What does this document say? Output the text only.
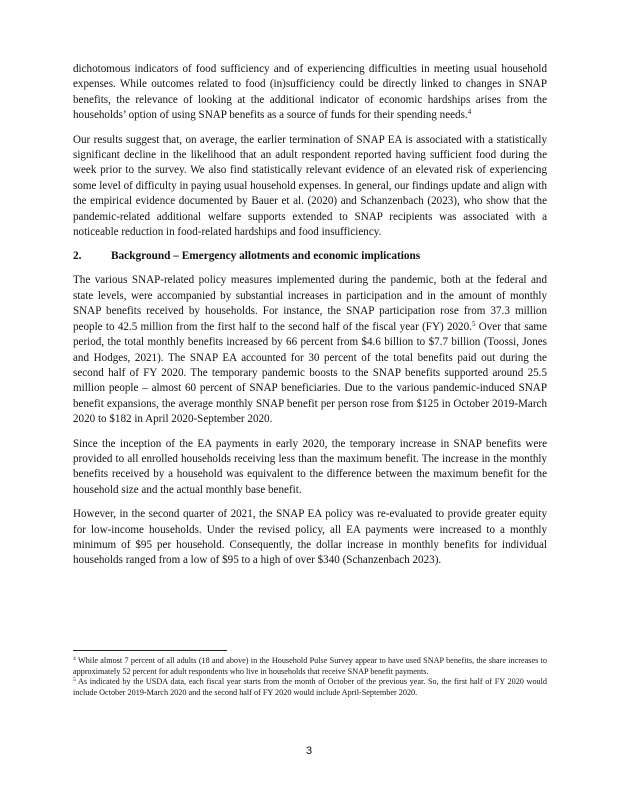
dichotomous indicators of food sufficiency and of experiencing difficulties in meeting usual household expenses. While outcomes related to food (in)sufficiency could be directly linked to changes in SNAP benefits, the relevance of looking at the additional indicator of economic hardships arises from the households’ option of using SNAP benefits as a source of funds for their spending needs.$^4$

Our results suggest that, on average, the earlier termination of SNAP EA is associated with a statistically significant decline in the likelihood that an adult respondent reported having sufficient food during the week prior to the survey. We also find statistically relevant evidence of an elevated risk of experiencing some level of difficulty in paying usual household expenses. In general, our findings update and align with the empirical evidence documented by Bauer et al. (2020) and Schanzenbach (2023), who show that the pandemic-related additional welfare supports extended to SNAP recipients was associated with a noticeable reduction in food-related hardships and food insufficiency.

2.	Background – Emergency allotments and economic implications

The various SNAP-related policy measures implemented during the pandemic, both at the federal and state levels, were accompanied by substantial increases in participation and in the amount of monthly SNAP benefits received by households. For instance, the SNAP participation rose from 37.3 million people to 42.5 million from the first half to the second half of the fiscal year (FY) 2020.$^5$ Over that same period, the total monthly benefits increased by 66 percent from $4.6 billion to $7.7 billion (Toossi, Jones and Hodges, 2021). The SNAP EA accounted for 30 percent of the total benefits paid out during the second half of FY 2020. The temporary pandemic boosts to the SNAP benefits supported around 25.5 million people – almost 60 percent of SNAP beneficiaries. Due to the various pandemic-induced SNAP benefit expansions, the average monthly SNAP benefit per person rose from $125 in October 2019-March 2020 to $182 in April 2020-September 2020.

Since the inception of the EA payments in early 2020, the temporary increase in SNAP benefits were provided to all enrolled households receiving less than the maximum benefit. The increase in the monthly benefits received by a household was equivalent to the difference between the maximum benefit for the household size and the actual monthly base benefit.

However, in the second quarter of 2021, the SNAP EA policy was re-evaluated to provide greater equity for low-income households. Under the revised policy, all EA payments were increased to a monthly minimum of $95 per household. Consequently, the dollar increase in monthly benefits for individual households ranged from a low of $95 to a high of over $340 (Schanzenbach 2023).

$^4$ While almost 7 percent of all adults (18 and above) in the Household Pulse Survey appear to have used SNAP benefits, the share increases to approximately 52 percent for adult respondents who live in households that receive SNAP benefit payments.

$^5$ As indicated by the USDA data, each fiscal year starts from the month of October of the previous year. So, the first half of FY 2020 would include October 2019-March 2020 and the second half of FY 2020 would include April-September 2020.

3
